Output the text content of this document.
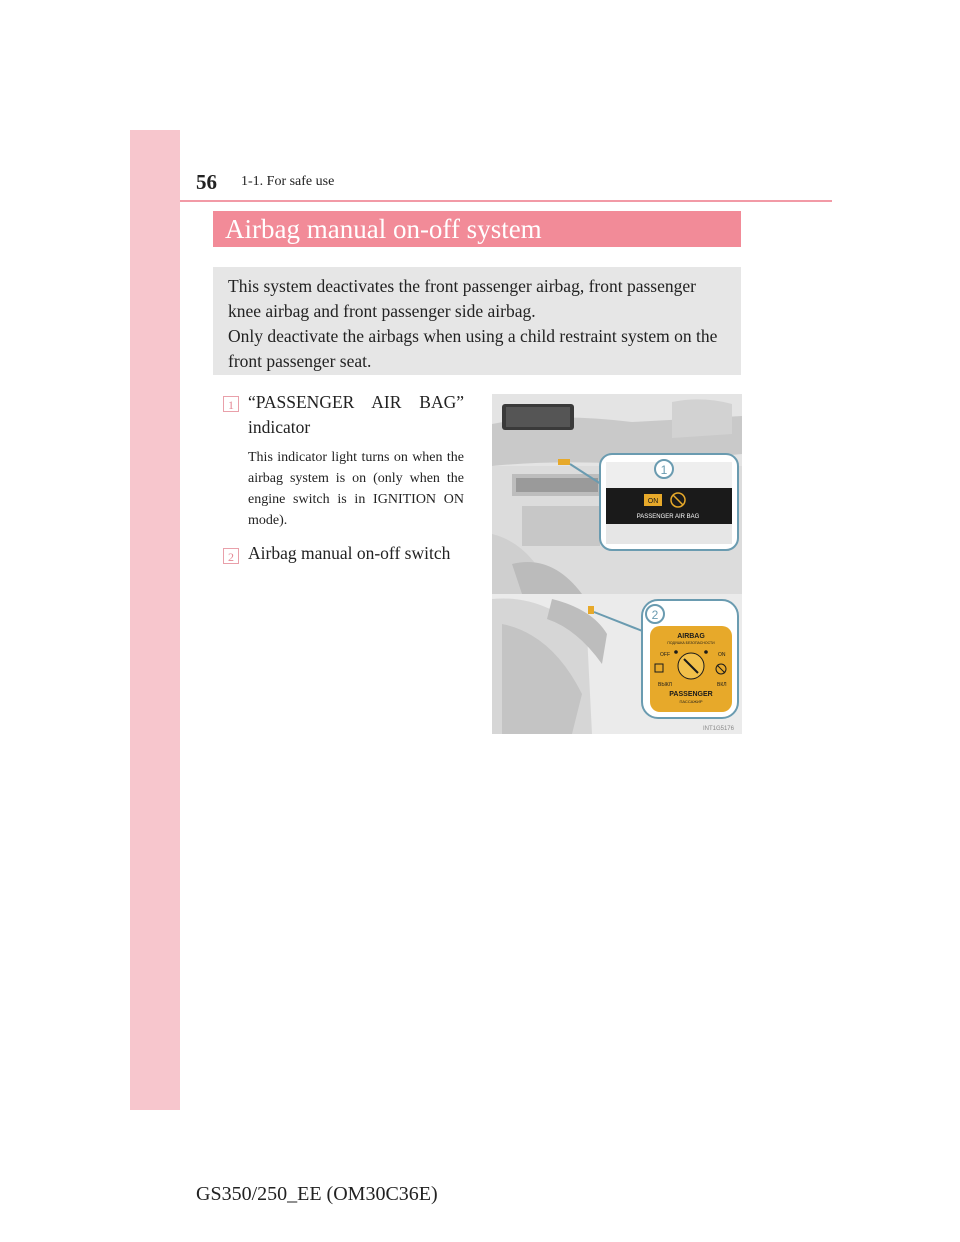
56 1-1. For safe use
Airbag manual on-off system

This system deactivates the front passenger airbag, front passenger knee airbag and front passenger side airbag.

Only deactivate the airbags when using a child restraint system on the front passenger seat.

1 “PASSENGER AIR BAG”
indicator
This indicator light turns on when the airbag system is on (only when the engine switch is in IGNITION ON mode).
2 Airbag manual on-off switch
ON
PASSENGER AIR BAG
1
AIRBAG
ПОДУШКА БЕЗОПАСНОСТИ
OFF
ВЫКЛ
ON
ВКЛ
PASSENGER
ПАССАЖИР
2
INT1G5176
GS350/250_EE (OM30C36E)
